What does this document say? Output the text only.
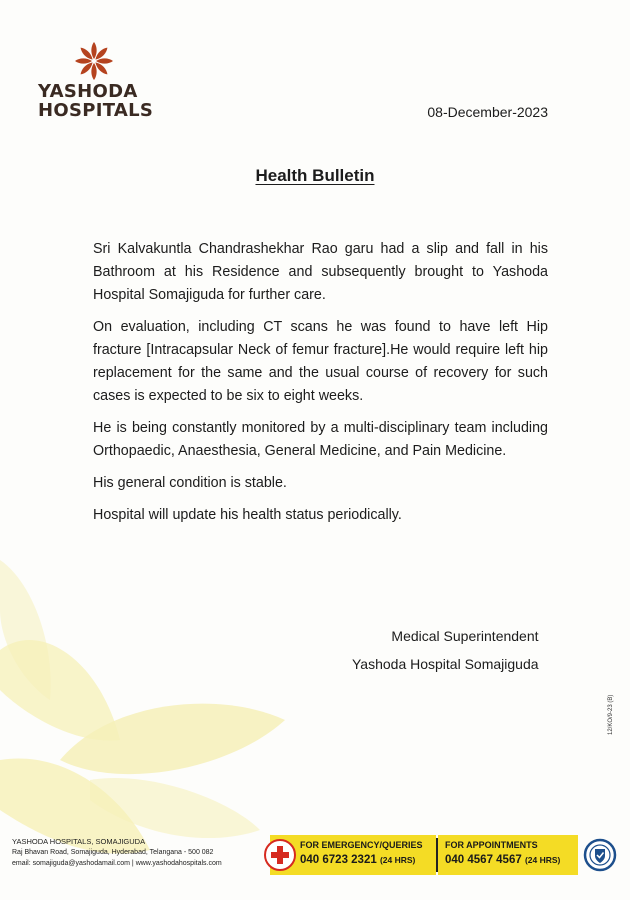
YASHODA
HOSPITALS	08-December-2023
Health Bulletin

Sri Kalvakuntla Chandrashekhar Rao garu had a slip and fall in his Bathroom at his Residence and subsequently brought to Yashoda Hospital Somajiguda for further care.

On evaluation, including CT scans he was found to have left Hip fracture [Intracapsular Neck of femur fracture].He would require left hip replacement for the same and the usual course of recovery for such cases is expected to be six to eight weeks.

He is being constantly monitored by a multi-disciplinary team including Orthopaedic, Anaesthesia, General Medicine, and Pain Medicine.

His general condition is stable.

Hospital will update his health status periodically.

Medical Superintendent
Yashoda Hospital Somajiguda
12/KO/9-23 (B)
YASHODA HOSPITALS, SOMAJIGUDA
Raj Bhavan Road, Somajiguda, Hyderabad, Telangana - 500 082
email: somajiguda@yashodamail.com | www.yashodahospitals.com
FOR EMERGENCY/QUERIES
040 6723 2321 (24 HRS)
FOR APPOINTMENTS
040 4567 4567 (24 HRS)
